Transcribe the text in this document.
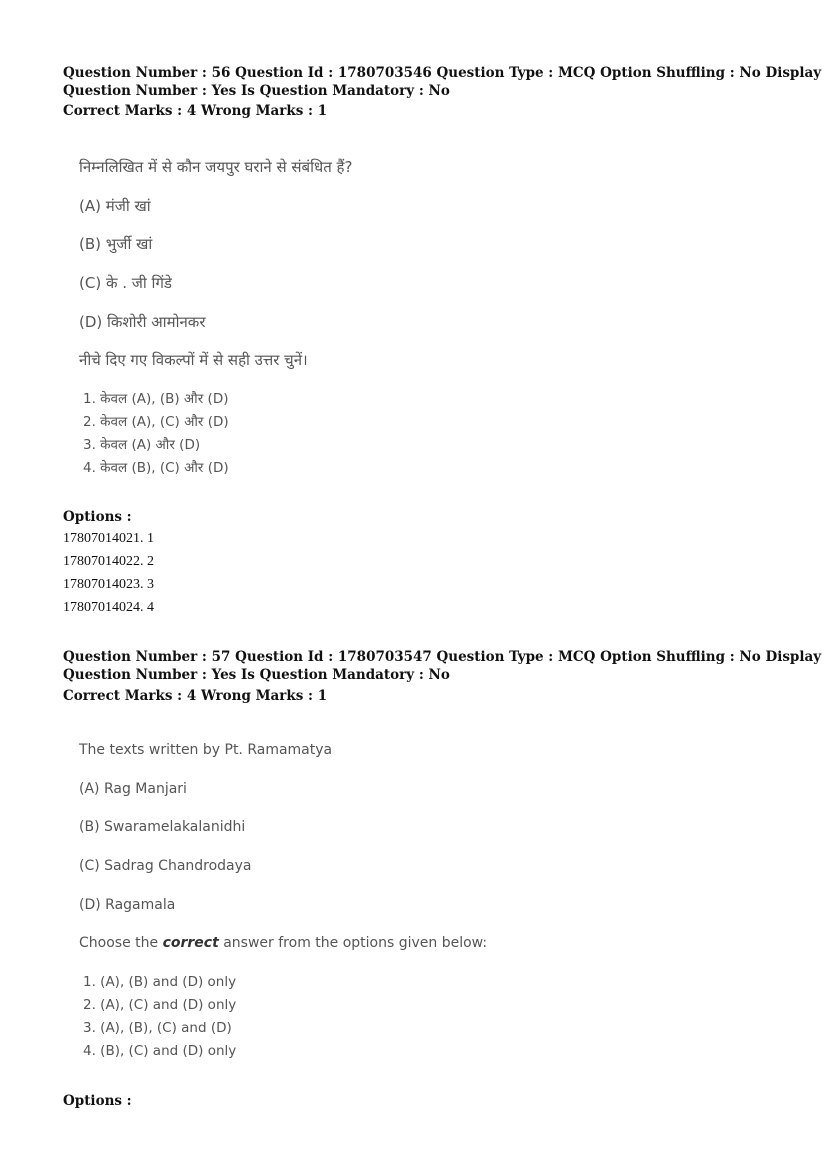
Question Number : 56 Question Id : 1780703546 Question Type : MCQ Option Shuffling : No Display
Question Number : Yes Is Question Mandatory : No
Correct Marks : 4 Wrong Marks : 1
निम्नलिखित में से कौन जयपुर घराने से संबंधित हैं?
(A) मंजी खां
(B) भुर्जी खां
(C) के . जी गिंडे
(D) किशोरी आमोनकर
नीचे दिए गए विकल्पों में से सही उत्तर चुनें।
1. केवल (A), (B) और (D)
2. केवल (A), (C) और (D)
3. केवल (A) और (D)
4. केवल (B), (C) और (D)
Options :
17807014021. 1
17807014022. 2
17807014023. 3
17807014024. 4
Question Number : 57 Question Id : 1780703547 Question Type : MCQ Option Shuffling : No Display
Question Number : Yes Is Question Mandatory : No
Correct Marks : 4 Wrong Marks : 1
The texts written by Pt. Ramamatya
(A) Rag Manjari
(B) Swaramelakalanidhi
(C) Sadrag Chandrodaya
(D) Ragamala
Choose the correct answer from the options given below:
1. (A), (B) and (D) only
2. (A), (C) and (D) only
3. (A), (B), (C) and (D)
4. (B), (C) and (D) only
Options :
